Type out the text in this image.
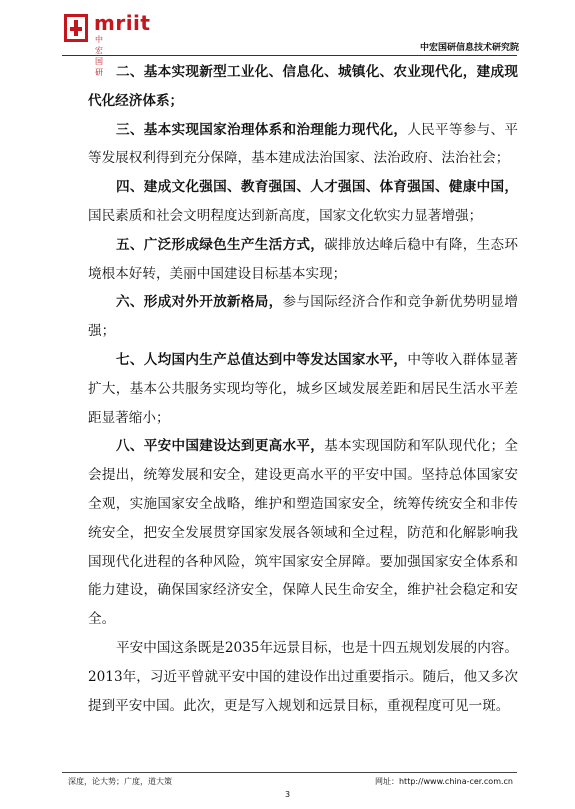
mriit
中宏国研
中宏国研信息技术研究院

二、基本实现新型工业化、信息化、城镇化、农业现代化，建成现代化经济体系；

三、基本实现国家治理体系和治理能力现代化，人民平等参与、平等发展权利得到充分保障，基本建成法治国家、法治政府、法治社会；

四、建成文化强国、教育强国、人才强国、体育强国、健康中国，国民素质和社会文明程度达到新高度，国家文化软实力显著增强；

五、广泛形成绿色生产生活方式，碳排放达峰后稳中有降，生态环境根本好转，美丽中国建设目标基本实现；

六、形成对外开放新格局，参与国际经济合作和竞争新优势明显增强；

七、人均国内生产总值达到中等发达国家水平，中等收入群体显著扩大，基本公共服务实现均等化，城乡区域发展差距和居民生活水平差距显著缩小；

八、平安中国建设达到更高水平，基本实现国防和军队现代化；全会提出，统筹发展和安全，建设更高水平的平安中国。坚持总体国家安全观，实施国家安全战略，维护和塑造国家安全，统筹传统安全和非传统安全，把安全发展贯穿国家发展各领域和全过程，防范和化解影响我国现代化进程的各种风险，筑牢国家安全屏障。要加强国家安全体系和能力建设，确保国家经济安全，保障人民生命安全，维护社会稳定和安全。

平安中国这条既是2035年远景目标，也是十四五规划发展的内容。2013年，习近平曾就平安中国的建设作出过重要指示。随后，他又多次提到平安中国。此次，更是写入规划和远景目标，重视程度可见一斑。

深度，论大势；广度，道大策	网址：http://www.china-cer.com.cn
3
